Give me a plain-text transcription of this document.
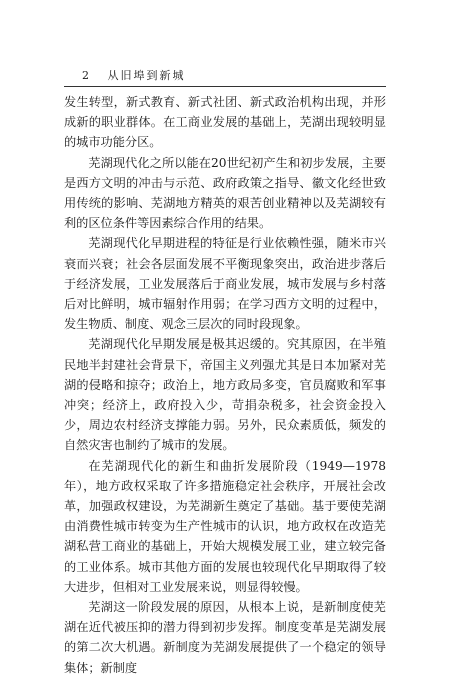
2 从旧埠到新城

发生转型，新式教育、新式社团、新式政治机构出现，并形成新的职业群体。在工商业发展的基础上，芜湖出现较明显的城市功能分区。

芜湖现代化之所以能在20世纪初产生和初步发展，主要是西方文明的冲击与示范、政府政策之指导、徽文化经世致用传统的影响、芜湖地方精英的艰苦创业精神以及芜湖较有利的区位条件等因素综合作用的结果。

芜湖现代化早期进程的特征是行业依赖性强，随米市兴衰而兴衰；社会各层面发展不平衡现象突出，政治进步落后于经济发展，工业发展落后于商业发展，城市发展与乡村落后对比鲜明，城市辐射作用弱；在学习西方文明的过程中，发生物质、制度、观念三层次的同时段现象。

芜湖现代化早期发展是极其迟缓的。究其原因，在半殖民地半封建社会背景下，帝国主义列强尤其是日本加紧对芜湖的侵略和掠夺；政治上，地方政局多变，官员腐败和军事冲突；经济上，政府投入少，苛捐杂税多，社会资金投入少，周边农村经济支撑能力弱。另外，民众素质低，频发的自然灾害也制约了城市的发展。

在芜湖现代化的新生和曲折发展阶段（1949—1978年），地方政权采取了许多措施稳定社会秩序，开展社会改革，加强政权建设，为芜湖新生奠定了基础。基于要使芜湖由消费性城市转变为生产性城市的认识，地方政权在改造芜湖私营工商业的基础上，开始大规模发展工业，建立较完备的工业体系。城市其他方面的发展也较现代化早期取得了较大进步，但相对工业发展来说，则显得较慢。

芜湖这一阶段发展的原因，从根本上说，是新制度使芜湖在近代被压抑的潜力得到初步发挥。制度变革是芜湖发展的第二次大机遇。新制度为芜湖发展提供了一个稳定的领导集体；新制度
